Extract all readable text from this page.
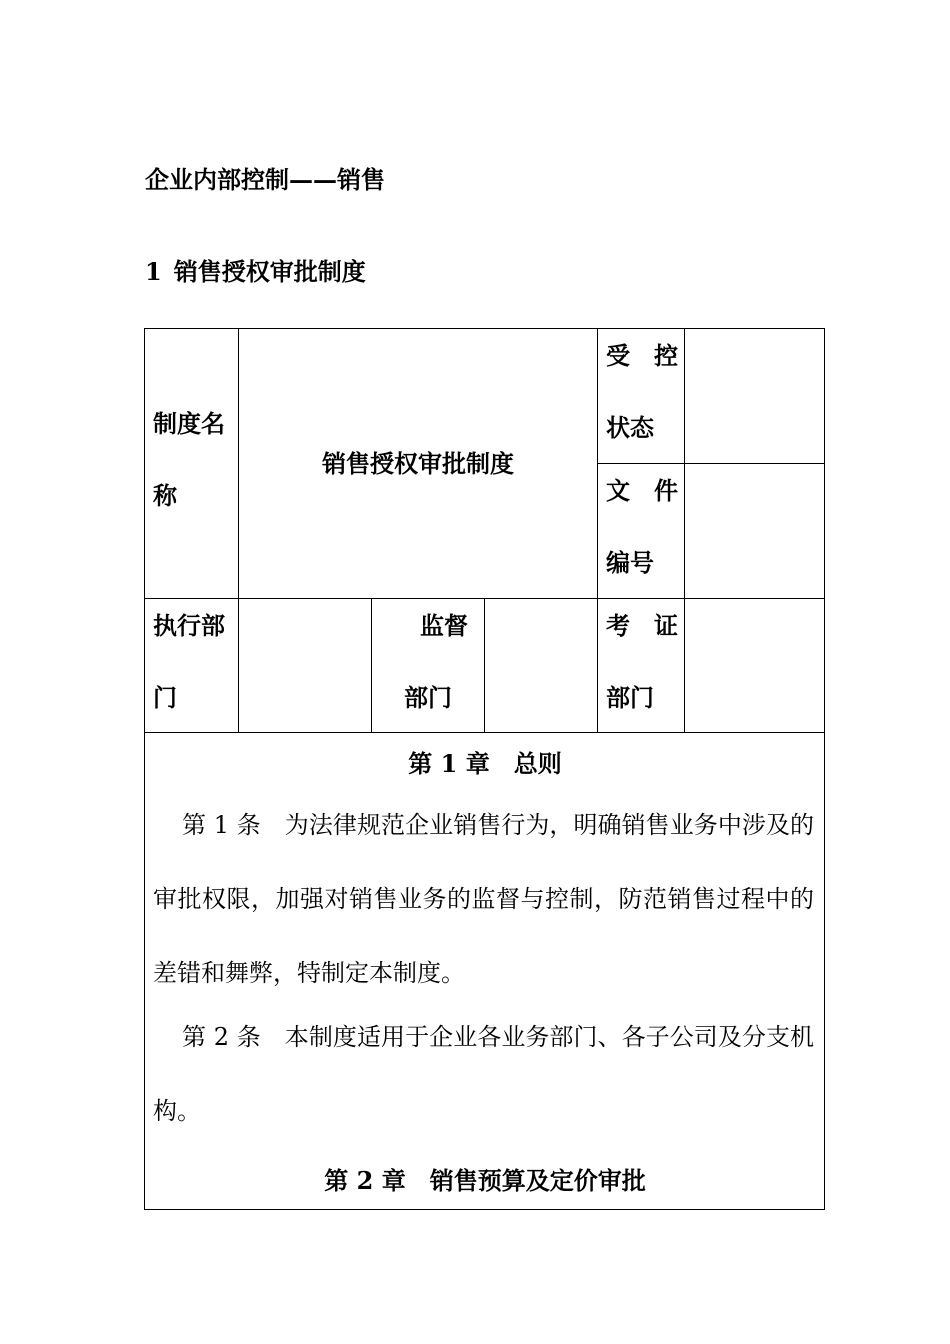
企业内部控制——销售
1 销售授权审批制度
制度名
称
销售授权审批制度
受　控
状态
文　件
编号
执行部
门
监督
部门
考　证
部门
第 1 章　总则
第 1 条　为法律规范企业销售行为，明确销售业务中涉及的审批权限，加强对销售业务的监督与控制，防范销售过程中的差错和舞弊，特制定本制度。
第 2 条　本制度适用于企业各业务部门、各子公司及分支机构。
第 2 章　销售预算及定价审批
